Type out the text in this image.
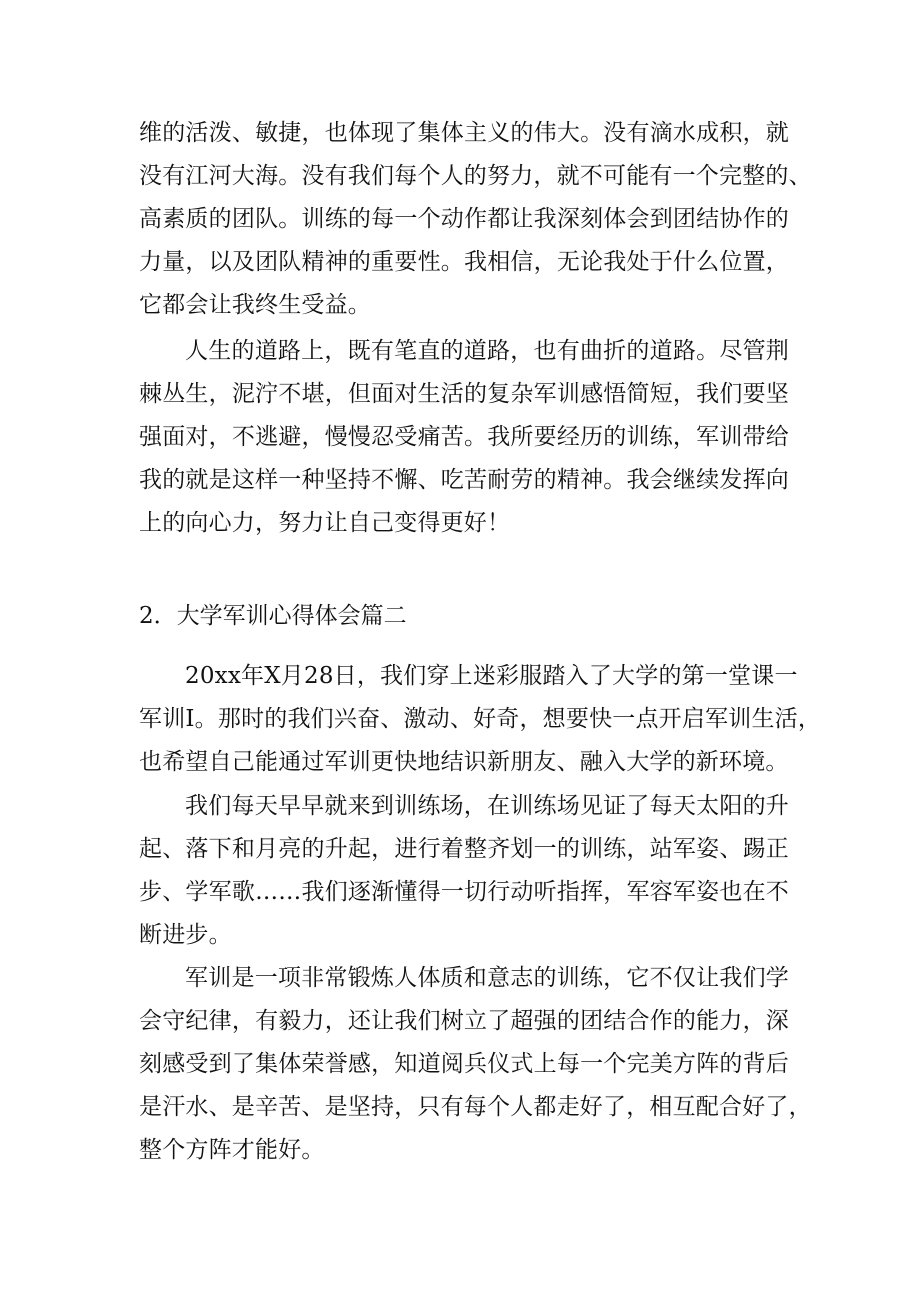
维的活泼、敏捷，也体现了集体主义的伟大。没有滴水成积，就
没有江河大海。没有我们每个人的努力，就不可能有一个完整的、
高素质的团队。训练的每一个动作都让我深刻体会到团结协作的
力量，以及团队精神的重要性。我相信，无论我处于什么位置，
它都会让我终生受益。
人生的道路上，既有笔直的道路，也有曲折的道路。尽管荆
棘丛生，泥泞不堪，但面对生活的复杂军训感悟简短，我们要坚
强面对，不逃避，慢慢忍受痛苦。我所要经历的训练，军训带给
我的就是这样一种坚持不懈、吃苦耐劳的精神。我会继续发挥向
上的向心力，努力让自己变得更好！
2．大学军训心得体会篇二
20xx年X月28日，我们穿上迷彩服踏入了大学的第一堂课一
军训I。那时的我们兴奋、激动、好奇，想要快一点开启军训生活，
也希望自己能通过军训更快地结识新朋友、融入大学的新环境。
我们每天早早就来到训练场，在训练场见证了每天太阳的升
起、落下和月亮的升起，进行着整齐划一的训练，站军姿、踢正
步、学军歌……我们逐渐懂得一切行动听指挥，军容军姿也在不
断进步。
军训是一项非常锻炼人体质和意志的训练，它不仅让我们学
会守纪律，有毅力，还让我们树立了超强的团结合作的能力，深
刻感受到了集体荣誉感，知道阅兵仪式上每一个完美方阵的背后
是汗水、是辛苦、是坚持，只有每个人都走好了，相互配合好了，
整个方阵才能好。
